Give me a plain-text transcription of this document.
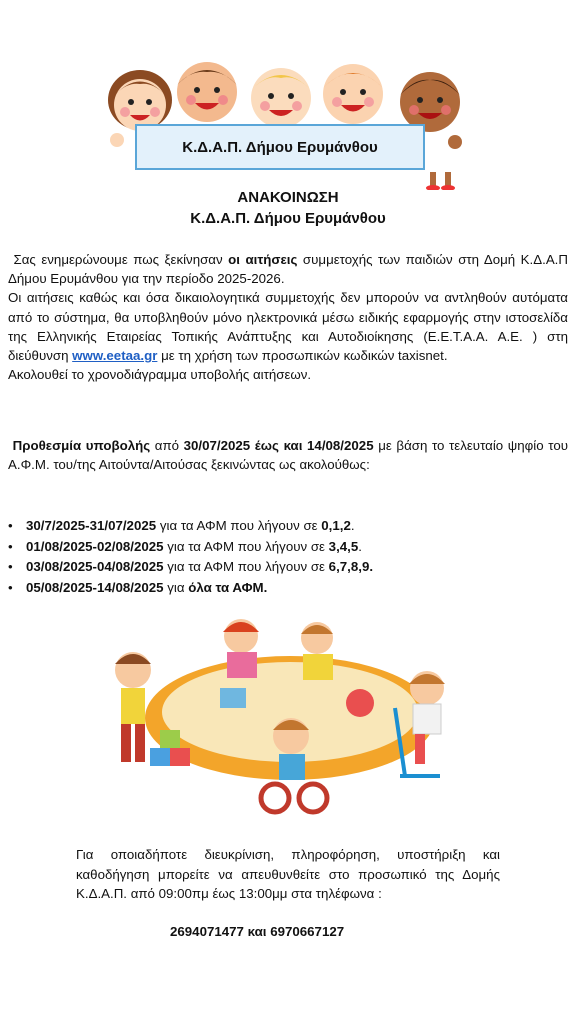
Κ.Δ.Α.Π. Δήμου Ερυμάνθου
ΑΝΑΚΟΙΝΩΣΗ
Κ.Δ.Α.Π. Δήμου Ερυμάνθου

Σας ενημερώνουμε πως ξεκίνησαν οι αιτήσεις συμμετοχής των παιδιών στη Δομή Κ.Δ.Α.Π Δήμου Ερυμάνθου για την περίοδο 2025-2026.
Οι αιτήσεις καθώς και όσα δικαιολογητικά συμμετοχής δεν μπορούν να αντληθούν αυτόματα από το σύστημα, θα υποβληθούν μόνο ηλεκτρονικά μέσω ειδικής εφαρμογής στην ιστοσελίδα της Ελληνικής Εταιρείας Τοπικής Ανάπτυξης και Αυτοδιοίκησης (Ε.Ε.Τ.Α.Α. Α.Ε. ) στη διεύθυνση www.eetaa.gr με τη χρήση των προσωπικών κωδικών taxisnet.
Ακολουθεί το χρονοδιάγραμμα υποβολής αιτήσεων.

Προθεσμία υποβολής από 30/07/2025 έως και 14/08/2025 με βάση το τελευταίο ψηφίο του Α.Φ.Μ. του/της Αιτούντα/Αιτούσας ξεκινώντας ως ακολούθως:

• 30/7/2025-31/07/2025 για τα ΑΦΜ που λήγουν σε 0,1,2.
• 01/08/2025-02/08/2025 για τα ΑΦΜ που λήγουν σε 3,4,5.
• 03/08/2025-04/08/2025 για τα ΑΦΜ που λήγουν σε 6,7,8,9.
• 05/08/2025-14/08/2025 για όλα τα ΑΦΜ.

Για οποιαδήποτε διευκρίνιση, πληροφόρηση, υποστήριξη και καθοδήγηση μπορείτε να απευθυνθείτε στο προσωπικό της Δομής Κ.Δ.Α.Π. από 09:00πμ έως 13:00μμ στα τηλέφωνα :

2694071477 και 6970667127
